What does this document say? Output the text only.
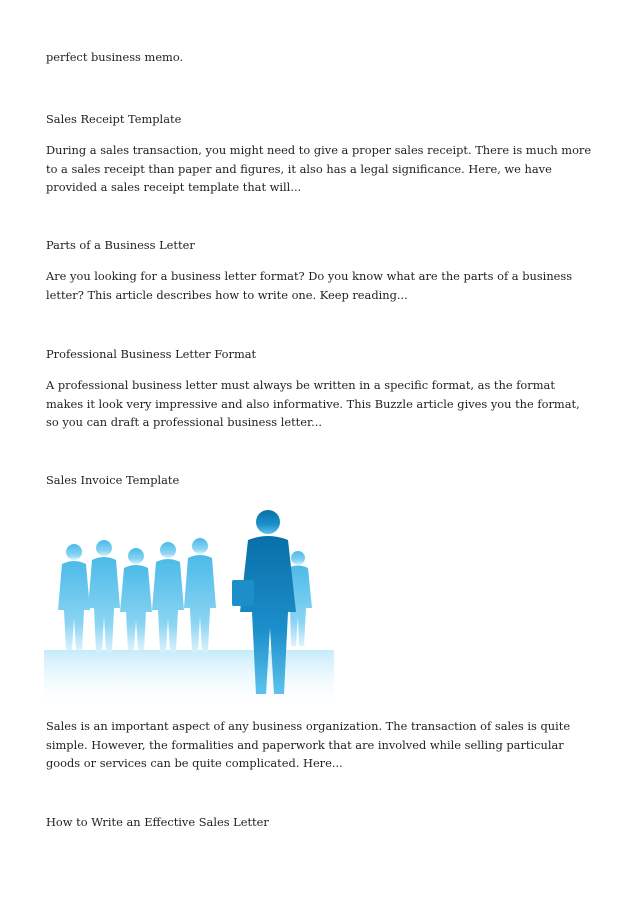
perfect business memo.

Sales Receipt Template

During a sales transaction, you might need to give a proper sales receipt. There is much more to a sales receipt than paper and figures, it also has a legal significance. Here, we have provided a sales receipt template that will...

Parts of a Business Letter

Are you looking for a business letter format? Do you know what are the parts of a business letter? This article describes how to write one. Keep reading...

Professional Business Letter Format

A professional business letter must always be written in a specific format, as the format makes it look very impressive and also informative. This Buzzle article gives you the format, so you can draft a professional business letter...

Sales Invoice Template

Sales is an important aspect of any business organization. The transaction of sales is quite simple. However, the formalities and paperwork that are involved while selling particular goods or services can be quite complicated. Here...

How to Write an Effective Sales Letter
